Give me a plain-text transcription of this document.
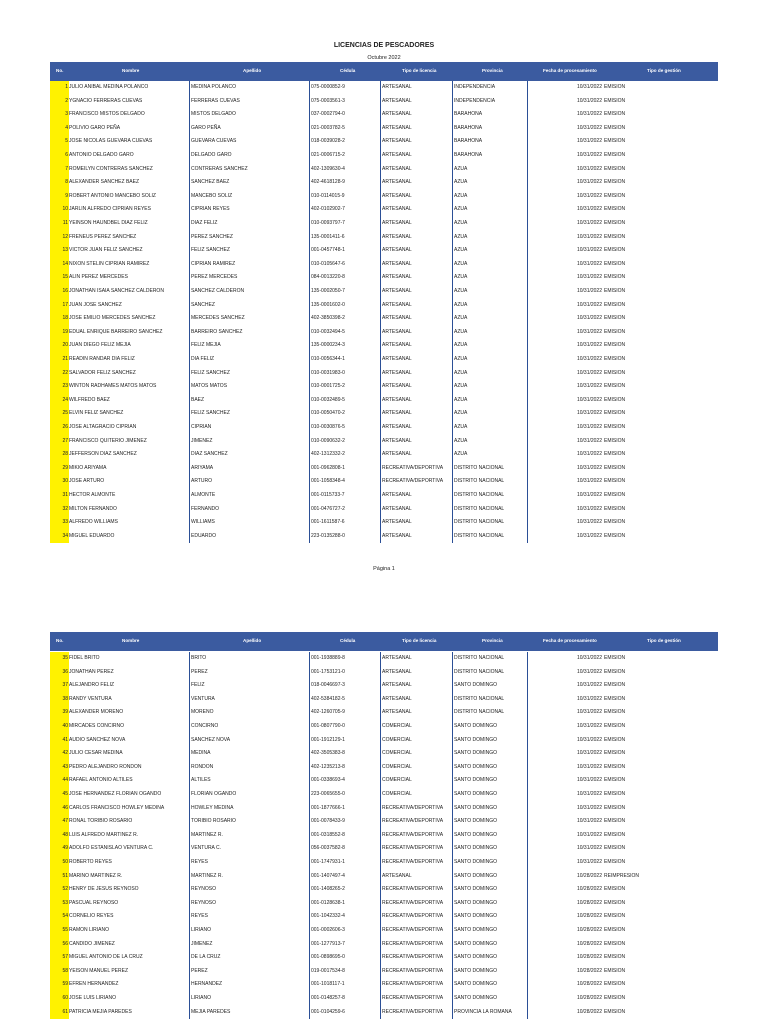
LICENCIAS DE PESCADORES
Octubre 2022
No.	Nombre	Apellido	Cédula	Tipo de licencia	Provincia	Fecha de procesamiento	Tipo de gestión
1 JULIO ANIBAL MEDINA POLANCO	MEDINA POLANCO	075-0000852-9	ARTESANAL	INDEPENDENCIA	10/31/2022 EMISION
2 YGNACIO FERRERAS CUEVAS	FERRERAS CUEVAS	075-0003561-3	ARTESANAL	INDEPENDENCIA	10/31/2022 EMISION
3 FRANCISCO MISTOS DELGADO	MISTOS DELGADO	037-0002794-0	ARTESANAL	BARAHONA	10/31/2022 EMISION
4 POLIVIO GARO PEÑA	GARO PEÑA	021-0003782-5	ARTESANAL	BARAHONA	10/31/2022 EMISION
5 JOSE NICOLAS GUEVARA CUEVAS	GUEVARA CUEVAS	018-0039028-2	ARTESANAL	BARAHONA	10/31/2022 EMISION
6 ANTONIO DELGADO GARO	DELGADO GARO	021-0006715-2	ARTESANAL	BARAHONA	10/31/2022 EMISION
7 ROMEILYN CONTRERAS SANCHEZ	CONTRERAS SANCHEZ	402-1309630-4	ARTESANAL	AZUA	10/31/2022 EMISION
8 ALEXANDER SANCHEZ BAEZ	SANCHEZ BAEZ	402-4618128-9	ARTESANAL	AZUA	10/31/2022 EMISION
9 ROBERT ANTONIO MANCEBO SOLIZ	MANCEBO SOLIZ	010-0114015-9	ARTESANAL	AZUA	10/31/2022 EMISION
10 JARLIN ALFREDO CIPRIAN REYES	CIPRIAN REYES	402-0102902-7	ARTESANAL	AZUA	10/31/2022 EMISION
11 YEINSON HAUNDBEL DIAZ FELIZ	DIAZ FELIZ	010-0093797-7	ARTESANAL	AZUA	10/31/2022 EMISION
12 FRENEUS PEREZ SANCHEZ	PEREZ SANCHEZ	135-0001411-6	ARTESANAL	AZUA	10/31/2022 EMISION
13 VICTOR JUAN FELIZ SANCHEZ	FELIZ SANCHEZ	001-0457748-1	ARTESANAL	AZUA	10/31/2022 EMISION
14 NIXON STELIN CIPRIAN RAMIREZ	CIPRIAN RAMIREZ	010-0105647-6	ARTESANAL	AZUA	10/31/2022 EMISION
15 ALIN PEREZ MERCEDES	PEREZ MERCEDES	084-0013220-8	ARTESANAL	AZUA	10/31/2022 EMISION
16 JONATHAN ISAIA SANCHEZ CALDERON	SANCHEZ CALDERON	135-0002050-7	ARTESANAL	AZUA	10/31/2022 EMISION
17 JUAN JOSE SANCHEZ	SANCHEZ	135-0001602-0	ARTESANAL	AZUA	10/31/2022 EMISION
18 JOSE EMILIO MERCEDES SANCHEZ	MERCEDES SANCHEZ	402-3850398-2	ARTESANAL	AZUA	10/31/2022 EMISION
19 EDUAL ENRIQUE BARREIRO SANCHEZ	BARREIRO SANCHEZ	010-0032494-5	ARTESANAL	AZUA	10/31/2022 EMISION
20 JUAN DIEGO FELIZ MEJIA	FELIZ MEJIA	135-0000234-3	ARTESANAL	AZUA	10/31/2022 EMISION
21 READIN RANDAR DIA FELIZ	DIA FELIZ	010-0056344-1	ARTESANAL	AZUA	10/31/2022 EMISION
22 SALVADOR FELIZ SANCHEZ	FELIZ SANCHEZ	010-0031983-0	ARTESANAL	AZUA	10/31/2022 EMISION
23 WINTON RADHAMES MATOS MATOS	MATOS MATOS	010-0001725-2	ARTESANAL	AZUA	10/31/2022 EMISION
24 WILFREDO BAEZ	BAEZ	010-0032489-5	ARTESANAL	AZUA	10/31/2022 EMISION
25 ELVIN FELIZ SANCHEZ	FELIZ SANCHEZ	010-0050470-2	ARTESANAL	AZUA	10/31/2022 EMISION
26 JOSE ALTAGRACIO CIPRIAN	CIPRIAN	010-0030876-5	ARTESANAL	AZUA	10/31/2022 EMISION
27 FRANCISCO QUITERIO JIMENEZ	JIMENEZ	010-0090632-2	ARTESANAL	AZUA	10/31/2022 EMISION
28 JEFFERSON DIAZ SANCHEZ	DIAZ SANCHEZ	402-1312332-2	ARTESANAL	AZUA	10/31/2022 EMISION
29 MIKIO ARIYAMA	ARIYAMA	001-0962808-1	RECREATIVA/DEPORTIVA	DISTRITO NACIONAL	10/31/2022 EMISION
30 JOSE ARTURO	ARTURO	001-1058348-4	RECREATIVA/DEPORTIVA	DISTRITO NACIONAL	10/31/2022 EMISION
31 HECTOR ALMONTE	ALMONTE	001-0115733-7	ARTESANAL	DISTRITO NACIONAL	10/31/2022 EMISION
32 MILTON FERNANDO	FERNANDO	001-0476727-2	ARTESANAL	DISTRITO NACIONAL	10/31/2022 EMISION
33 ALFREDO WILLIAMS	WILLIAMS	001-1611587-6	ARTESANAL	DISTRITO NACIONAL	10/31/2022 EMISION
34 MIGUEL EDUARDO	EDUARDO	223-0135288-0	ARTESANAL	DISTRITO NACIONAL	10/31/2022 EMISION
Página 1
No.	Nombre	Apellido	Cédula	Tipo de licencia	Provincia	Fecha de procesamiento	Tipo de gestión
35 FIDEL BRITO	BRITO	001-1938889-8	ARTESANAL	DISTRITO NACIONAL	10/31/2022 EMISION
36 JONATHAN PEREZ	PEREZ	001-1753121-0	ARTESANAL	DISTRITO NACIONAL	10/31/2022 EMISION
37 ALEJANDRO FELIZ	FELIZ	018-0046697-3	ARTESANAL	SANTO DOMINGO	10/31/2022 EMISION
38 RANDY VENTURA	VENTURA	402-5384182-5	ARTESANAL	DISTRITO NACIONAL	10/31/2022 EMISION
39 ALEXANDER MORENO	MORENO	402-1260705-9	ARTESANAL	DISTRITO NACIONAL	10/31/2022 EMISION
40 MIRCADES CONCIRNO	CONCIRNO	001-0807790-0	COMERCIAL	SANTO DOMINGO	10/31/2022 EMISION
41 AUDIO SANCHEZ NOVA	SANCHEZ NOVA	001-1912129-1	COMERCIAL	SANTO DOMINGO	10/31/2022 EMISION
42 JULIO CESAR MEDINA	MEDINA	402-3505383-8	COMERCIAL	SANTO DOMINGO	10/31/2022 EMISION
43 PEDRO ALEJANDRO RONDON	RONDON	402-1235213-8	COMERCIAL	SANTO DOMINGO	10/31/2022 EMISION
44 RAFAEL ANTONIO ALTILES	ALTILES	001-0338693-4	COMERCIAL	SANTO DOMINGO	10/31/2022 EMISION
45 JOSE HERNANDEZ FLORIAN OGANDO	FLORIAN OGANDO	223-0065655-0	COMERCIAL	SANTO DOMINGO	10/31/2022 EMISION
46 CARLOS FRANCISCO HOWLEY MEDINA	HOWLEY MEDINA	001-1877666-1	RECREATIVA/DEPORTIVA	SANTO DOMINGO	10/31/2022 EMISION
47 RONAL TORIBIO ROSARIO	TORIBIO ROSARIO	001-0078433-9	RECREATIVA/DEPORTIVA	SANTO DOMINGO	10/31/2022 EMISION
48 LUIS ALFREDO MARTINEZ R.	MARTINEZ R.	001-0318552-8	RECREATIVA/DEPORTIVA	SANTO DOMINGO	10/31/2022 EMISION
49 ADOLFO ESTANISLAO VENTURA C.	VENTURA C.	056-0037582-8	RECREATIVA/DEPORTIVA	SANTO DOMINGO	10/31/2022 EMISION
50 ROBERTO REYES	REYES	001-1747931-1	RECREATIVA/DEPORTIVA	SANTO DOMINGO	10/31/2022 EMISION
51 MARINO MARTINEZ R.	MARTINEZ R.	001-1407497-4	ARTESANAL	SANTO DOMINGO	10/28/2022 REIMPRESION
52 HENRY DE JESUS REYNOSO	REYNOSO	001-1408265-2	RECREATIVA/DEPORTIVA	SANTO DOMINGO	10/28/2022 EMISION
53 PASCUAL REYNOSO	REYNOSO	001-0128638-1	RECREATIVA/DEPORTIVA	SANTO DOMINGO	10/28/2022 EMISION
54 CORNELIO REYES	REYES	001-1042332-4	RECREATIVA/DEPORTIVA	SANTO DOMINGO	10/28/2022 EMISION
55 RAMON LIRIANO	LIRIANO	001-0002606-3	RECREATIVA/DEPORTIVA	SANTO DOMINGO	10/28/2022 EMISION
56 CANDIDO JIMENEZ	JIMENEZ	001-1277913-7	RECREATIVA/DEPORTIVA	SANTO DOMINGO	10/28/2022 EMISION
57 MIGUEL ANTONIO DE LA CRUZ	DE LA CRUZ	001-0898695-0	RECREATIVA/DEPORTIVA	SANTO DOMINGO	10/28/2022 EMISION
58 YEISON MANUEL PEREZ	PEREZ	019-0017534-8	RECREATIVA/DEPORTIVA	SANTO DOMINGO	10/28/2022 EMISION
59 EFREN HERNANDEZ	HERNANDEZ	001-1018117-1	RECREATIVA/DEPORTIVA	SANTO DOMINGO	10/28/2022 EMISION
60 JOSE LUIS LIRIANO	LIRIANO	001-0148257-8	RECREATIVA/DEPORTIVA	SANTO DOMINGO	10/28/2022 EMISION
61 PATRICIA MEJIA PAREDES	MEJIA PAREDES	001-0104259-6	RECREATIVA/DEPORTIVA	PROVINCIA LA ROMANA	10/28/2022 EMISION
